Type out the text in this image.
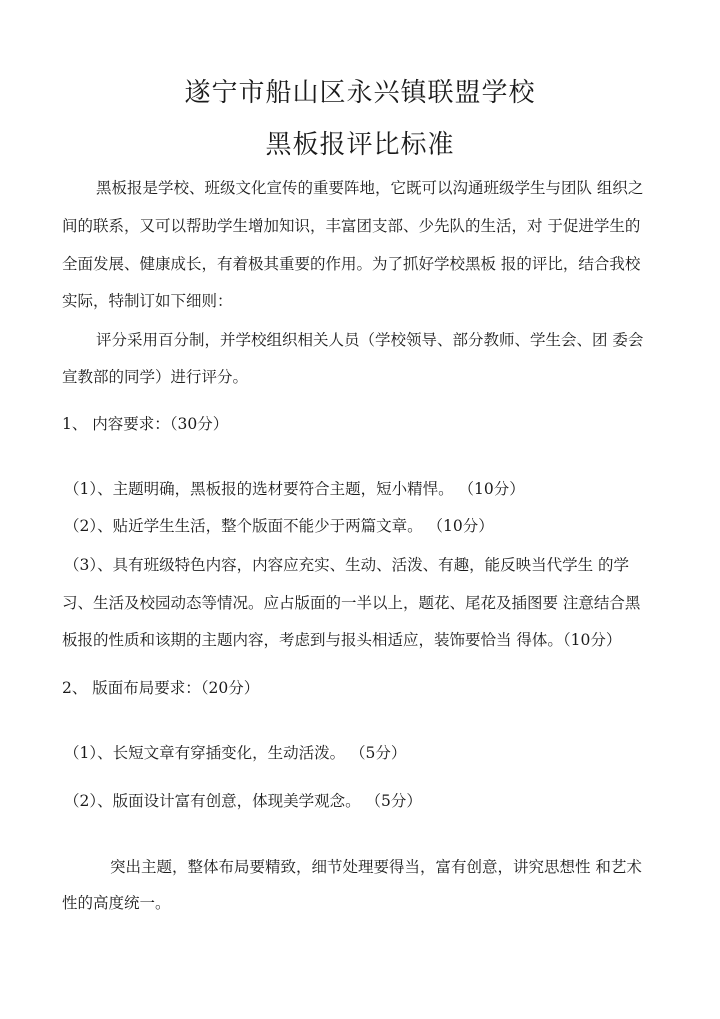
遂宁市船山区永兴镇联盟学校
黑板报评比标准
黑板报是学校、班级文化宣传的重要阵地，它既可以沟通班级学生与团队 组织之
间的联系，又可以帮助学生增加知识，丰富团支部、少先队的生活，对 于促进学生的
全面发展、健康成长，有着极其重要的作用。为了抓好学校黑板 报的评比，结合我校
实际，特制订如下细则：
评分采用百分制，并学校组织相关人员（学校领导、部分教师、学生会、团 委会
宣教部的同学）进行评分。
1、 内容要求：（30分）
（1）、主题明确，黑板报的选材要符合主题，短小精悍。 （10分）
（2）、贴近学生生活，整个版面不能少于两篇文章。 （10分）
（3）、具有班级特色内容，内容应充实、生动、活泼、有趣，能反映当代学生 的学
习、生活及校园动态等情况。应占版面的一半以上，题花、尾花及插图要 注意结合黑
板报的性质和该期的主题内容，考虑到与报头相适应，装饰要恰当 得体。（10分）
2、 版面布局要求：（20分）
（1）、长短文章有穿插变化，生动活泼。 （5分）
（2）、版面设计富有创意，体现美学观念。 （5分）
突出主题，整体布局要精致，细节处理要得当，富有创意，讲究思想性 和艺术
性的高度统一。
